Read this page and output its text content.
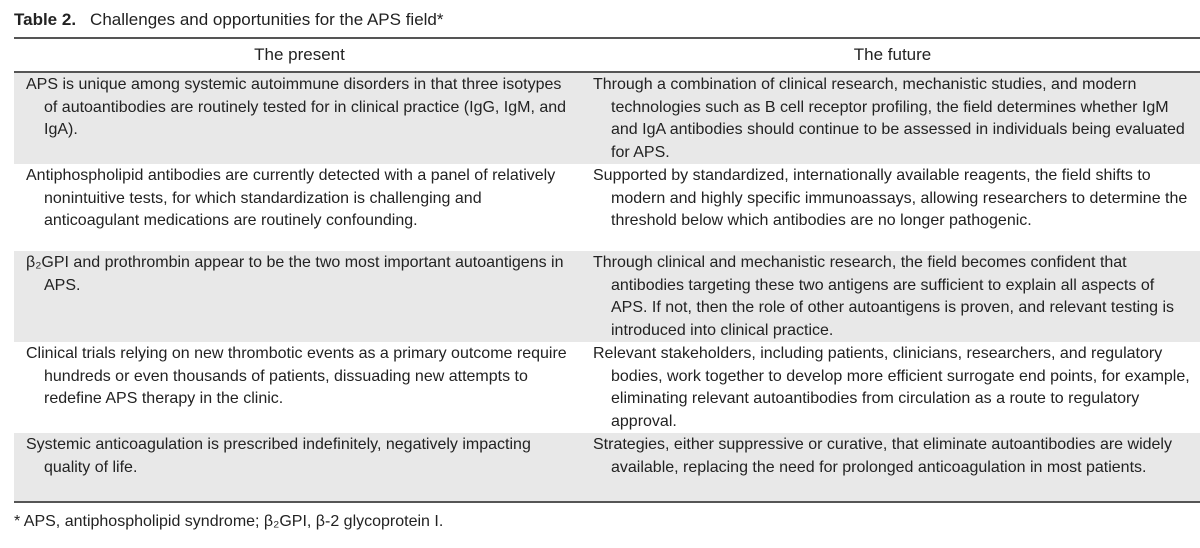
Table 2. Challenges and opportunities for the APS field*
The present	The future

APS is unique among systemic autoimmune disorders in that three isotypes of autoantibodies are routinely tested for in clinical practice (IgG, IgM, and IgA).	Through a combination of clinical research, mechanistic studies, and modern technologies such as B cell receptor profiling, the field determines whether IgM and IgA antibodies should continue to be assessed in individuals being evaluated for APS.

Antiphospholipid antibodies are currently detected with a panel of relatively nonintuitive tests, for which standardization is challenging and anticoagulant medications are routinely confounding.	Supported by standardized, internationally available reagents, the field shifts to modern and highly specific immunoassays, allowing researchers to determine the threshold below which antibodies are no longer pathogenic.

β₂GPI and prothrombin appear to be the two most important autoantigens in APS.	Through clinical and mechanistic research, the field becomes confident that antibodies targeting these two antigens are sufficient to explain all aspects of APS. If not, then the role of other autoantigens is proven, and relevant testing is introduced into clinical practice.

Clinical trials relying on new thrombotic events as a primary outcome require hundreds or even thousands of patients, dissuading new attempts to redefine APS therapy in the clinic.	Relevant stakeholders, including patients, clinicians, researchers, and regulatory bodies, work together to develop more efficient surrogate end points, for example, eliminating relevant autoantibodies from circulation as a route to regulatory approval.

Systemic anticoagulation is prescribed indefinitely, negatively impacting quality of life.	Strategies, either suppressive or curative, that eliminate autoantibodies are widely available, replacing the need for prolonged anticoagulation in most patients.
* APS, antiphospholipid syndrome; β₂GPI, β-2 glycoprotein I.
